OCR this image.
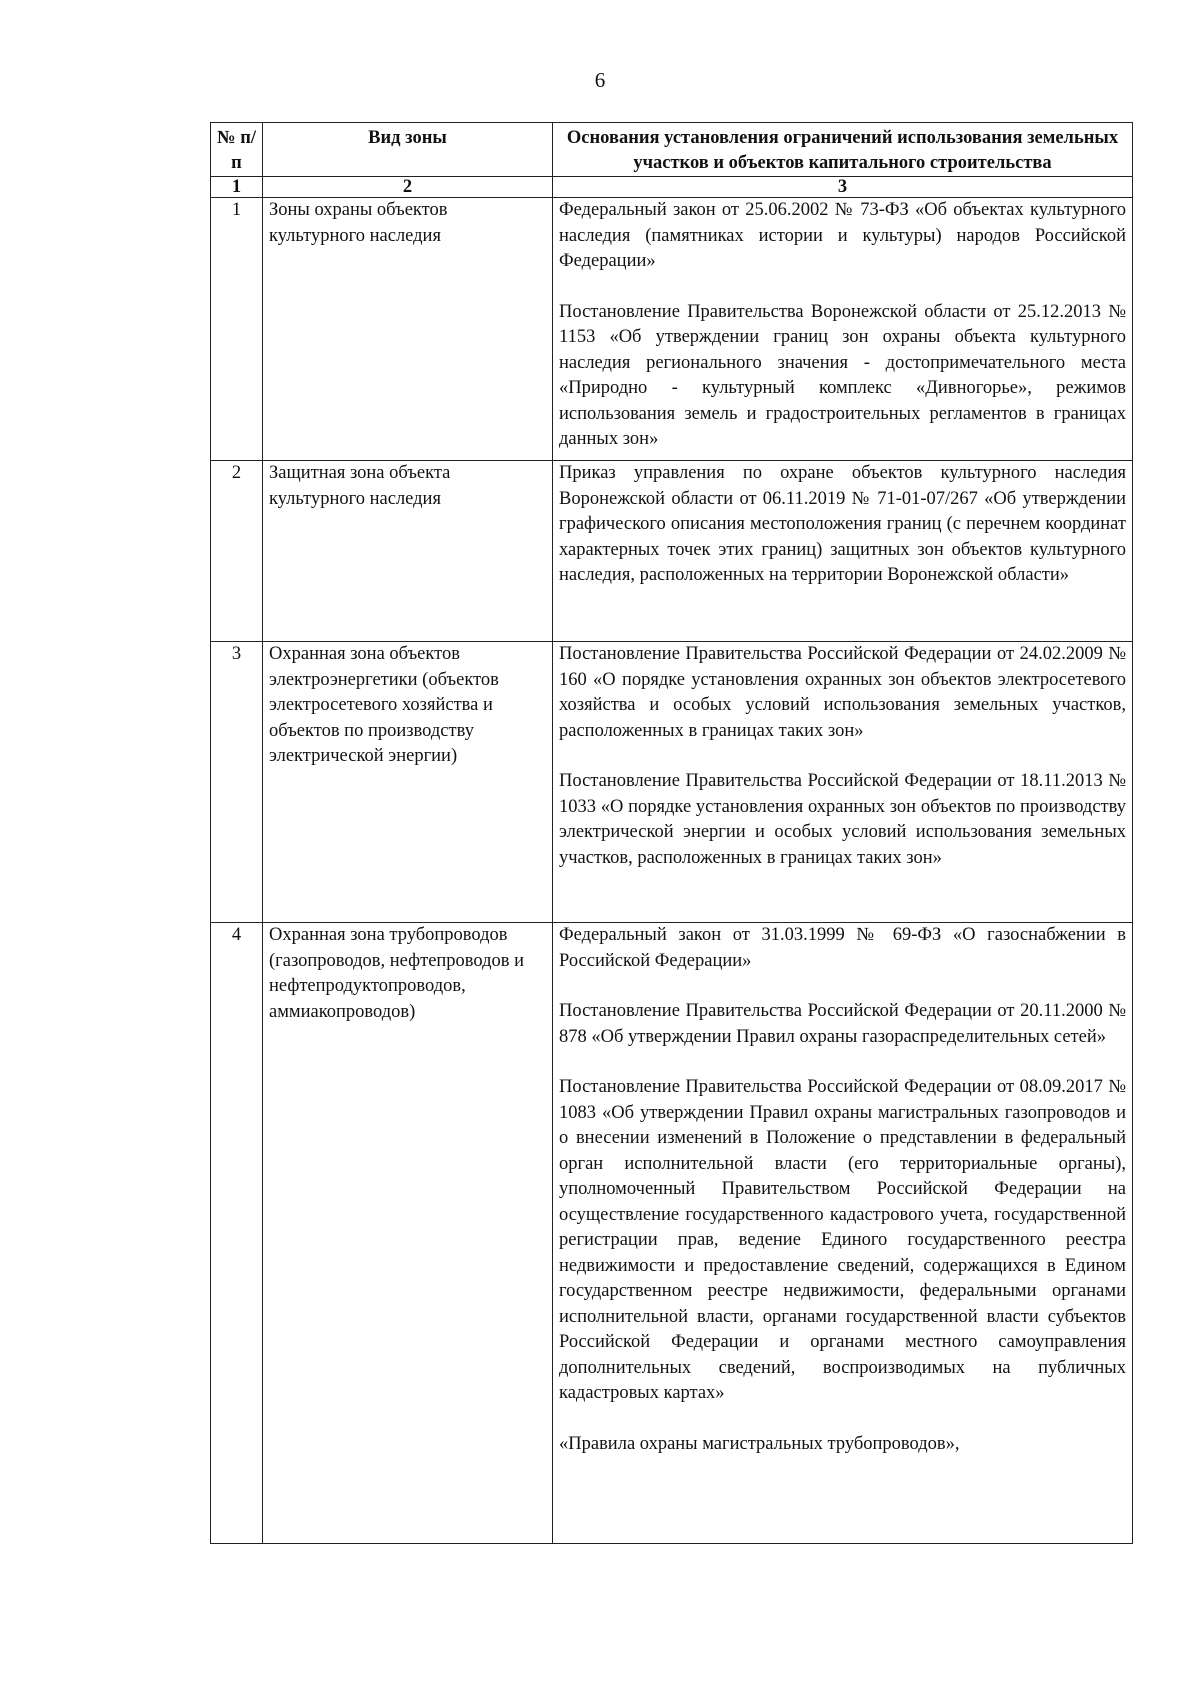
6
№ п/п	Вид зоны	Основания установления ограничений использования земельных участков и объектов капитального строительства
1	2	3
1	Зоны охраны объектов культурного наследия	Федеральный закон от 25.06.2002 № 73-ФЗ «Об объектах культурного наследия (памятниках истории и культуры) народов Российской Федерации»

Постановление Правительства Воронежской области от 25.12.2013 № 1153 «Об утверждении границ зон охраны объекта культурного наследия регионального значения - достопримечательного места «Природно - культурный комплекс «Дивногорье», режимов использования земель и градостроительных регламентов в границах данных зон»

2	Защитная зона объекта культурного наследия	Приказ управления по охране объектов культурного наследия Воронежской области от 06.11.2019 № 71-01-07/267 «Об утверждении графического описания местоположения границ (с перечнем координат характерных точек этих границ) защитных зон объектов культурного наследия, расположенных на территории Воронежской области»

3	Охранная зона объектов электроэнергетики (объектов электросетевого хозяйства и объектов по производству электрической энергии)	Постановление Правительства Российской Федерации от 24.02.2009 № 160 «О порядке установления охранных зон объектов электросетевого хозяйства и особых условий использования земельных участков, расположенных в границах таких зон»

Постановление Правительства Российской Федерации от 18.11.2013 № 1033 «О порядке установления охранных зон объектов по производству электрической энергии и особых условий использования земельных участков, расположенных в границах таких зон»

4	Охранная зона трубопроводов (газопроводов, нефтепроводов и нефтепродуктопроводов, аммиакопроводов)	Федеральный закон от 31.03.1999 № 69-ФЗ «О газоснабжении в Российской Федерации»

Постановление Правительства Российской Федерации от 20.11.2000 № 878 «Об утверждении Правил охраны газораспределительных сетей»

Постановление Правительства Российской Федерации от 08.09.2017 № 1083 «Об утверждении Правил охраны магистральных газопроводов и о внесении изменений в Положение о представлении в федеральный орган исполнительной власти (его территориальные органы), уполномоченный Правительством Российской Федерации на осуществление государственного кадастрового учета, государственной регистрации прав, ведение Единого государственного реестра недвижимости и предоставление сведений, содержащихся в Едином государственном реестре недвижимости, федеральными органами исполнительной власти, органами государственной власти субъектов Российской Федерации и органами местного самоуправления дополнительных сведений, воспроизводимых на публичных кадастровых картах»

«Правила охраны магистральных трубопроводов»,
